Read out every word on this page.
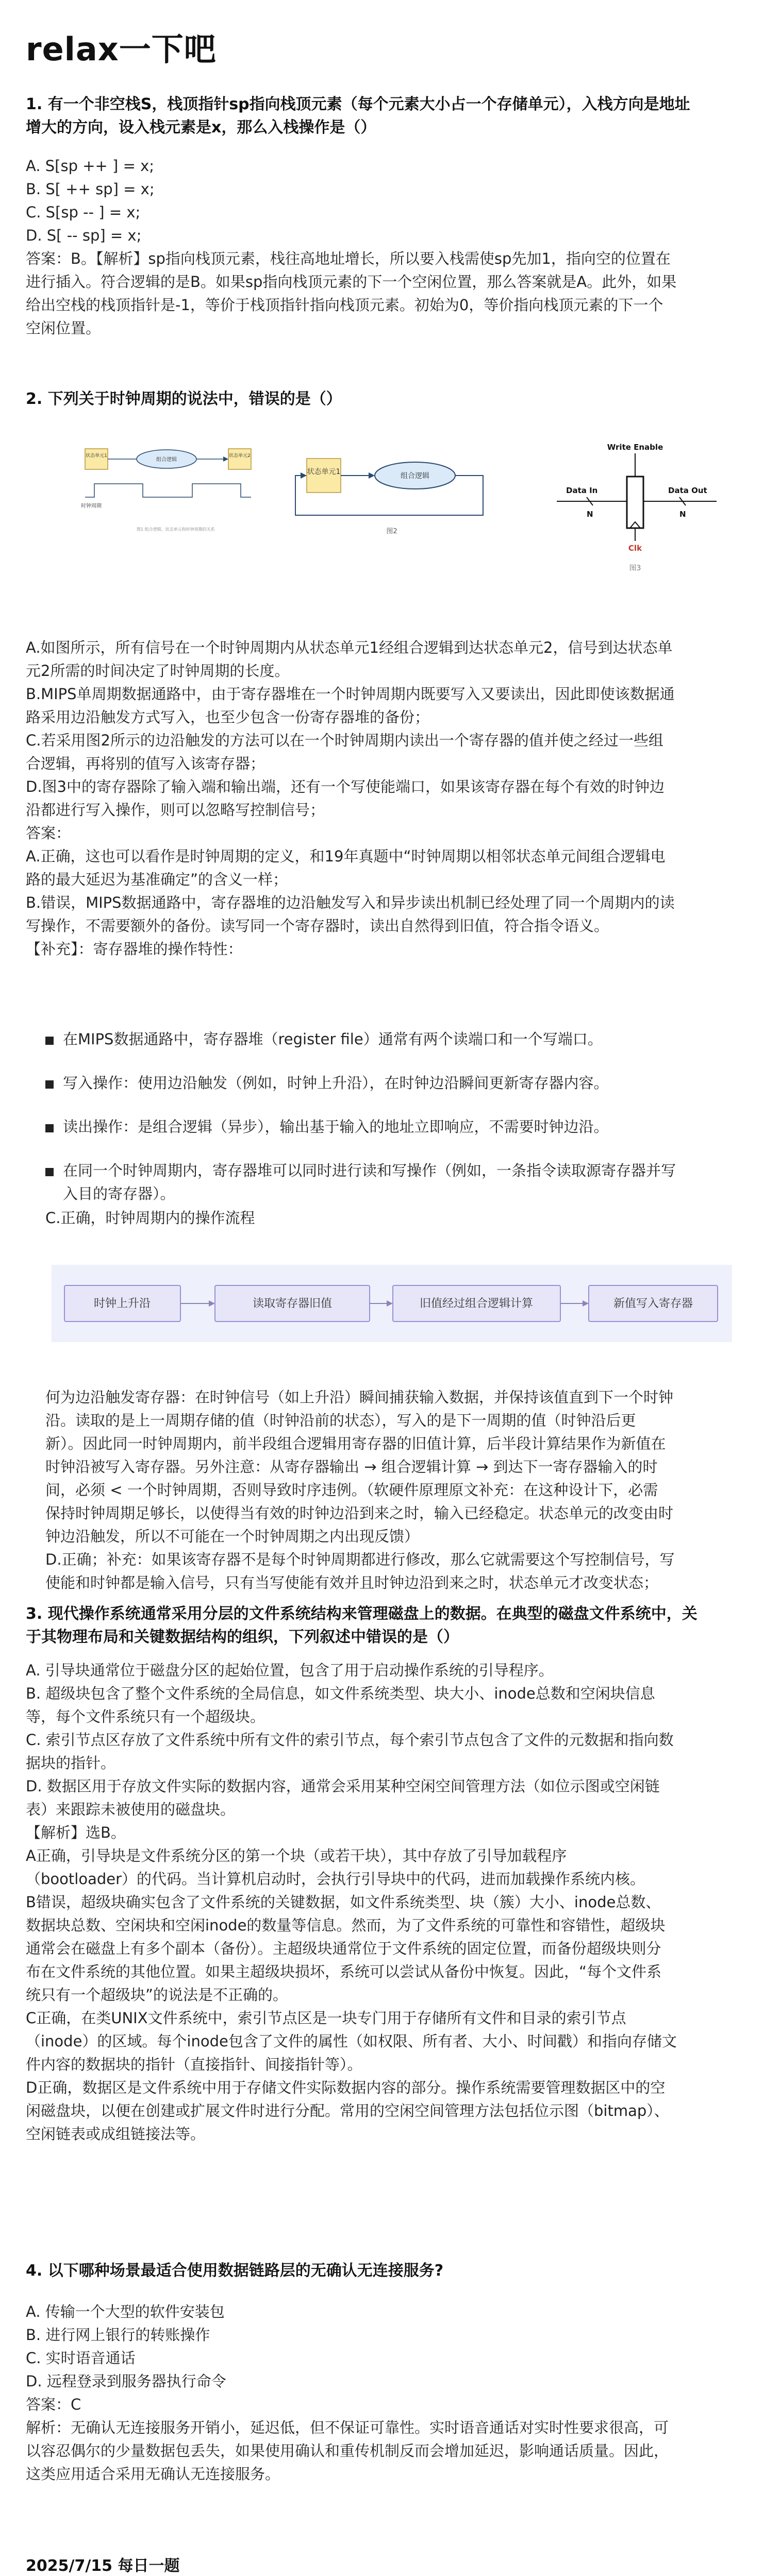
relax一下吧
1. 有一个非空栈S，栈顶指针sp指向栈顶元素（每个元素大小占一个存储单元），入栈方向是地址
增大的方向，设入栈元素是x，那么入栈操作是（）
A. S[sp ++ ] = x;
B. S[ ++ sp] = x;
C. S[sp -- ] = x;
D. S[ -- sp] = x;
答案：B。【解析】sp指向栈顶元素，栈往高地址增长，所以要入栈需使sp先加1，指向空的位置在
进行插入。符合逻辑的是B。如果sp指向栈顶元素的下一个空闲位置，那么答案就是A。此外，如果
给出空栈的栈顶指针是-1，等价于栈顶指针指向栈顶元素。初始为0，等价指向栈顶元素的下一个
空闲位置。
2. 下列关于时钟周期的说法中，错误的是（）
状态单元1
组合逻辑
状态单元2
时钟周期
图1 组合逻辑、状态单元和时钟周期的关系
状态单元1	组合逻辑
图2
Write Enable
Data In
N
Data Out
N
Clk
图3
A.如图所示，所有信号在一个时钟周期内从状态单元1经组合逻辑到达状态单元2，信号到达状态单
元2所需的时间决定了时钟周期的长度。
B.MIPS单周期数据通路中，由于寄存器堆在一个时钟周期内既要写入又要读出，因此即使该数据通
路采用边沿触发方式写入，也至少包含一份寄存器堆的备份；
C.若采用图2所示的边沿触发的方法可以在一个时钟周期内读出一个寄存器的值并使之经过一些组
合逻辑，再将别的值写入该寄存器；
D.图3中的寄存器除了输入端和输出端，还有一个写使能端口，如果该寄存器在每个有效的时钟边
沿都进行写入操作，则可以忽略写控制信号；
答案：
A.正确，这也可以看作是时钟周期的定义，和19年真题中“时钟周期以相邻状态单元间组合逻辑电
路的最大延迟为基准确定”的含义一样；
B.错误，MIPS数据通路中，寄存器堆的边沿触发写入和异步读出机制已经处理了同一个周期内的读
写操作，不需要额外的备份。读写同一个寄存器时，读出自然得到旧值，符合指令语义。
【补充】：寄存器堆的操作特性：
在MIPS数据通路中，寄存器堆（register file）通常有两个读端口和一个写端口。
写入操作：使用边沿触发（例如，时钟上升沿），在时钟边沿瞬间更新寄存器内容。
读出操作：是组合逻辑（异步），输出基于输入的地址立即响应，不需要时钟边沿。
在同一个时钟周期内，寄存器堆可以同时进行读和写操作（例如，一条指令读取源寄存器并写
入目的寄存器）。
C.正确，时钟周期内的操作流程
时钟上升沿	读取寄存器旧值	旧值经过组合逻辑计算	新值写入寄存器
何为边沿触发寄存器：在时钟信号（如上升沿）瞬间捕获输入数据，并保持该值直到下一个时钟
沿。读取的是上一周期存储的值（时钟沿前的状态），写入的是下一周期的值（时钟沿后更
新）。因此同一时钟周期内，前半段组合逻辑用寄存器的旧值计算，后半段计算结果作为新值在
时钟沿被写入寄存器。另外注意：从寄存器输出 → 组合逻辑计算 → 到达下一寄存器输入的时
间，必须 < 一个时钟周期，否则导致时序违例。（软硬件原理原文补充：在这种设计下，必需
保持时钟周期足够长，以使得当有效的时钟边沿到来之时，输入已经稳定。状态单元的改变由时
钟边沿触发，所以不可能在一个时钟周期之内出现反馈）
D.正确；补充：如果该寄存器不是每个时钟周期都进行修改，那么它就需要这个写控制信号，写
使能和时钟都是输入信号，只有当写使能有效并且时钟边沿到来之时，状态单元才改变状态；
3. 现代操作系统通常采用分层的文件系统结构来管理磁盘上的数据。在典型的磁盘文件系统中，关
于其物理布局和关键数据结构的组织，下列叙述中错误的是（）
A. 引导块通常位于磁盘分区的起始位置，包含了用于启动操作系统的引导程序。
B. 超级块包含了整个文件系统的全局信息，如文件系统类型、块大小、inode总数和空闲块信息
等，每个文件系统只有一个超级块。
C. 索引节点区存放了文件系统中所有文件的索引节点，每个索引节点包含了文件的元数据和指向数
据块的指针。
D. 数据区用于存放文件实际的数据内容，通常会采用某种空闲空间管理方法（如位示图或空闲链
表）来跟踪未被使用的磁盘块。
【解析】选B。
A正确，引导块是文件系统分区的第一个块（或若干块），其中存放了引导加载程序
（bootloader）的代码。当计算机启动时，会执行引导块中的代码，进而加载操作系统内核。
B错误，超级块确实包含了文件系统的关键数据，如文件系统类型、块（簇）大小、inode总数、
数据块总数、空闲块和空闲inode的数量等信息。然而，为了文件系统的可靠性和容错性，超级块
通常会在磁盘上有多个副本（备份）。主超级块通常位于文件系统的固定位置，而备份超级块则分
布在文件系统的其他位置。如果主超级块损坏，系统可以尝试从备份中恢复。因此，“每个文件系
统只有一个超级块”的说法是不正确的。
C正确，在类UNIX文件系统中，索引节点区是一块专门用于存储所有文件和目录的索引节点
（inode）的区域。每个inode包含了文件的属性（如权限、所有者、大小、时间戳）和指向存储文
件内容的数据块的指针（直接指针、间接指针等）。
D正确，数据区是文件系统中用于存储文件实际数据内容的部分。操作系统需要管理数据区中的空
闲磁盘块，以便在创建或扩展文件时进行分配。常用的空闲空间管理方法包括位示图（bitmap）、
空闲链表或成组链接法等。
4. 以下哪种场景最适合使用数据链路层的无确认无连接服务?
A. 传输一个大型的软件安装包
B. 进行网上银行的转账操作
C. 实时语音通话
D. 远程登录到服务器执行命令
答案：C
解析：无确认无连接服务开销小，延迟低，但不保证可靠性。实时语音通话对实时性要求很高，可
以容忍偶尔的少量数据包丢失，如果使用确认和重传机制反而会增加延迟，影响通话质量。因此，
这类应用适合采用无确认无连接服务。
2025/7/15 每日一题
